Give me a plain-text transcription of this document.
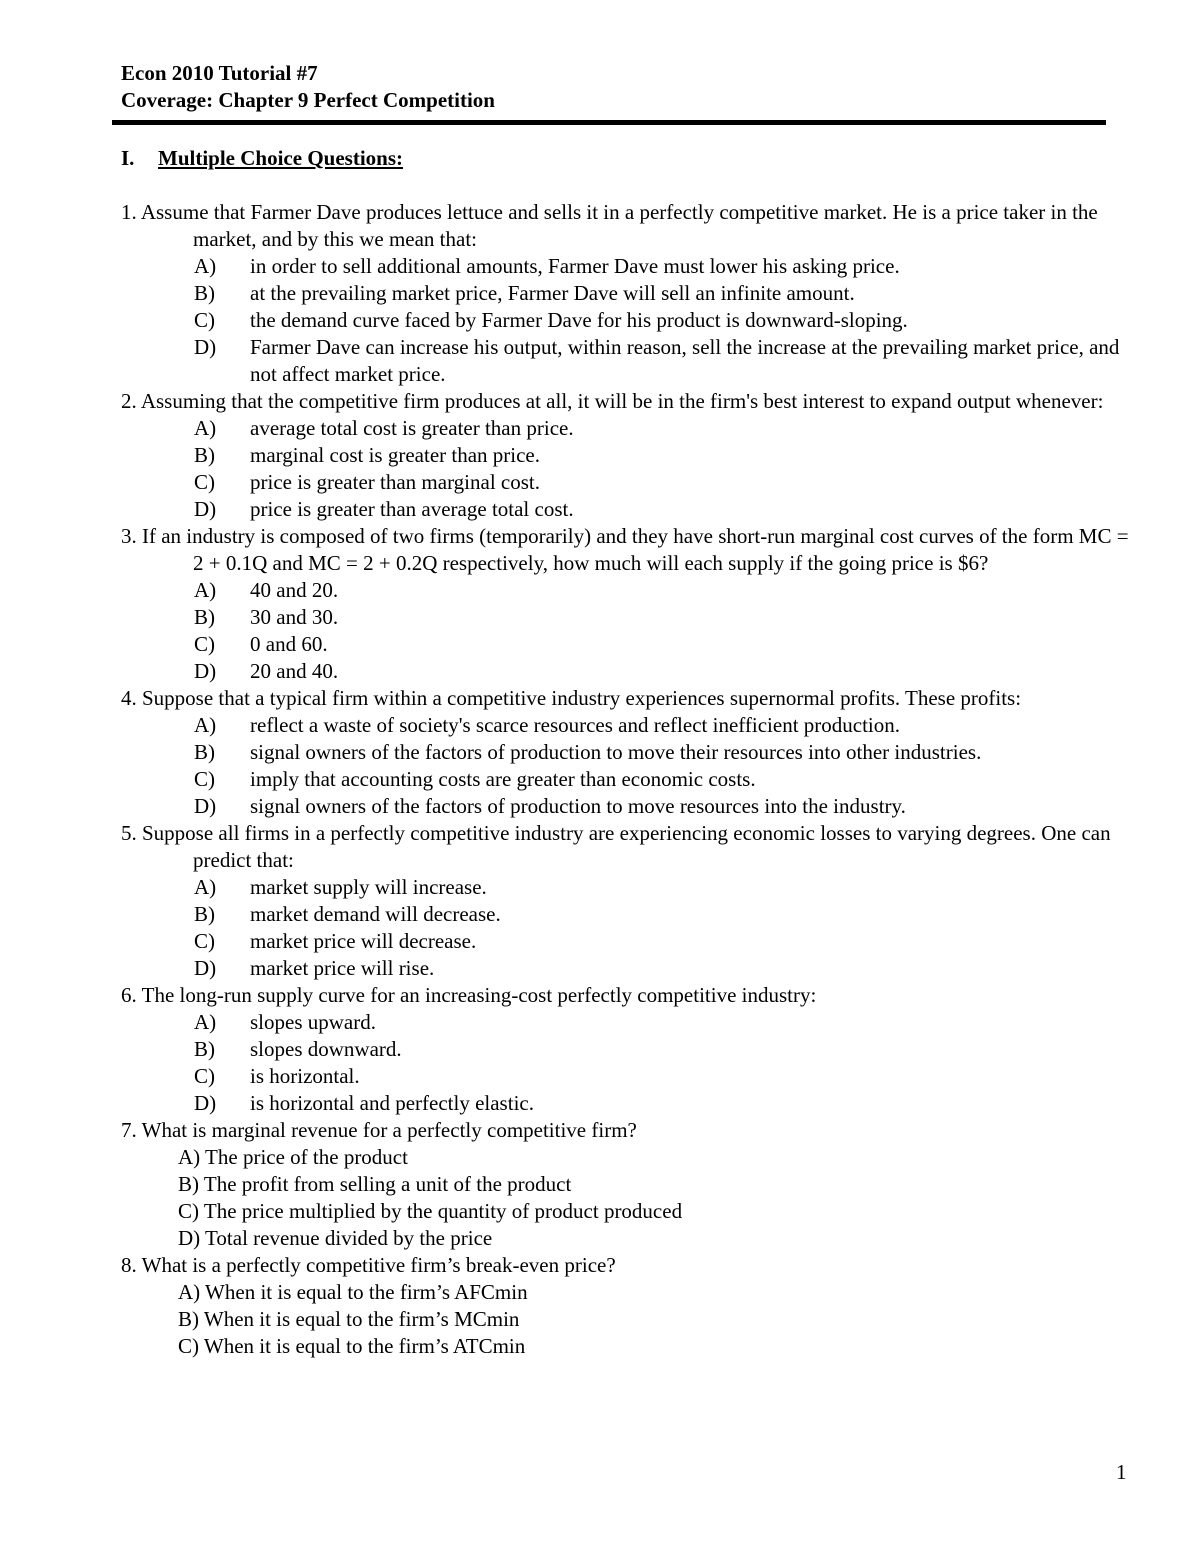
Econ 2010 Tutorial #7
Coverage: Chapter 9 Perfect Competition
I. Multiple Choice Questions:
1. Assume that Farmer Dave produces lettuce and sells it in a perfectly competitive market. He is a price taker in the market, and by this we mean that:
A) in order to sell additional amounts, Farmer Dave must lower his asking price.
B) at the prevailing market price, Farmer Dave will sell an infinite amount.
C) the demand curve faced by Farmer Dave for his product is downward-sloping.
D) Farmer Dave can increase his output, within reason, sell the increase at the prevailing market price, and not affect market price.
2. Assuming that the competitive firm produces at all, it will be in the firm's best interest to expand output whenever:
A) average total cost is greater than price.
B) marginal cost is greater than price.
C) price is greater than marginal cost.
D) price is greater than average total cost.
3. If an industry is composed of two firms (temporarily) and they have short-run marginal cost curves of the form MC = 2 + 0.1Q and MC = 2 + 0.2Q respectively, how much will each supply if the going price is $6?
A) 40 and 20.
B) 30 and 30.
C) 0 and 60.
D) 20 and 40.
4. Suppose that a typical firm within a competitive industry experiences supernormal profits. These profits:
A) reflect a waste of society's scarce resources and reflect inefficient production.
B) signal owners of the factors of production to move their resources into other industries.
C) imply that accounting costs are greater than economic costs.
D) signal owners of the factors of production to move resources into the industry.
5. Suppose all firms in a perfectly competitive industry are experiencing economic losses to varying degrees. One can predict that:
A) market supply will increase.
B) market demand will decrease.
C) market price will decrease.
D) market price will rise.
6. The long-run supply curve for an increasing-cost perfectly competitive industry:
A) slopes upward.
B) slopes downward.
C) is horizontal.
D) is horizontal and perfectly elastic.
7. What is marginal revenue for a perfectly competitive firm?
A) The price of the product
B) The profit from selling a unit of the product
C) The price multiplied by the quantity of product produced
D) Total revenue divided by the price
8. What is a perfectly competitive firm’s break-even price?
A) When it is equal to the firm’s AFCmin
B) When it is equal to the firm’s MCmin
C) When it is equal to the firm’s ATCmin
1
